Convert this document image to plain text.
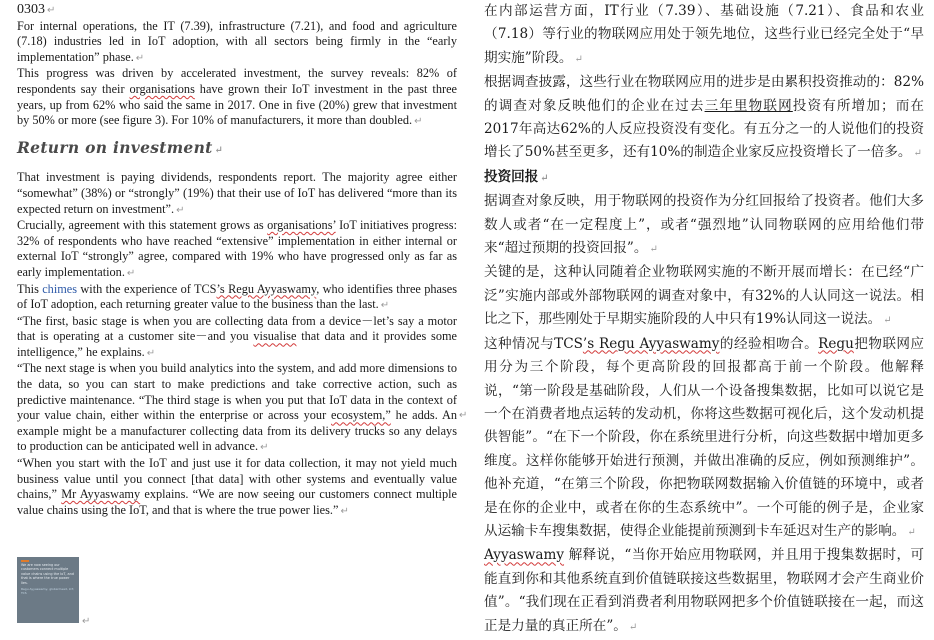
0303 ↵

For internal operations, the IT (7.39), infrastructure (7.21), and food and agriculture (7.18) industries led in IoT adoption, with all sectors being firmly in the “early implementation” phase. ↵

This progress was driven by accelerated investment, the survey reveals: 82% of respondents say their organisations have grown their IoT investment in the past three years, up from 62% who said the same in 2017. One in five (20%) grew that investment by 50% or more (see figure 3). For 10% of manufacturers, it more than doubled. ↵

Return on investment ↵

That investment is paying dividends, respondents report. The majority agree either “somewhat” (38%) or “strongly” (19%) that their use of IoT has delivered “more than its expected return on investment”. ↵

Crucially, agreement with this statement grows as organisations’ IoT initiatives progress: 32% of respondents who have reached “extensive” implementation in either internal or external IoT “strongly” agree, compared with 19% who have progressed only as far as early implementation. ↵

This chimes with the experience of TCS’s Regu Ayyaswamy, who identifies three phases of IoT adoption, each returning greater value to the business than the last. ↵

“The first, basic stage is when you are collecting data from a device－let’s say a motor that is operating at a customer site－and you visualise that data and it provides some intelligence,” he explains. ↵

“The next stage is when you build analytics into the system, and add more dimensions to the data, so you can start to make predictions and take corrective action, such as predictive maintenance. “The third stage is when you put that IoT data in the context of your value chain, either within the enterprise or across your ecosystem,” he adds. An example might be a manufacturer collecting data from its delivery trucks so any delays to production can be anticipated well in advance. ↵

“When you start with the IoT and just use it for data collection, it may not yield much business value until you connect [that data] with other systems and eventually value chains,” Mr Ayyaswamy explains. “We are now seeing our customers connect multiple value chains using the IoT, and that is where the true power lies.” ↵

↵
We are now seeing our customers connect multiple value chains using the IoT, and that is where the true power lies.
Regu Ayyaswamy, global head, IoT, TCS
↵

在内部运营方面，IT行业（7.39）、基础设施（7.21）、食品和农业（7.18）等行业的物联网应用处于领先地位，这些行业已经完全处于“早期实施”阶段。 ↵

根据调查披露，这些行业在物联网应用的进步是由累积投资推动的：82%的调查对象反映他们的企业在过去三年里物联网投资有所增加；而在2017年高达62%的人反应投资没有变化。有五分之一的人说他们的投资增长了50%甚至更多，还有10%的制造企业家反应投资增长了一倍多。 ↵

投资回报 ↵

据调查对象反映，用于物联网的投资作为分红回报给了投资者。他们大多数人或者“在一定程度上”，或者“强烈地”认同物联网的应用给他们带来“超过预期的投资回报”。 ↵

关键的是，这种认同随着企业物联网实施的不断开展而增长：在已经“广泛”实施内部或外部物联网的调查对象中，有32%的人认同这一说法。相比之下，那些刚处于早期实施阶段的人中只有19%认同这一说法。 ↵

这种情况与TCS’s Regu Ayyaswamy的经验相吻合。Regu把物联网应用分为三个阶段，每个更高阶段的回报都高于前一个阶段。他解释说，“第一阶段是基础阶段，人们从一个设备搜集数据，比如可以说它是一个在消费者地点运转的发动机，你将这些数据可视化后，这个发动机提供智能”。“在下一个阶段，你在系统里进行分析，向这些数据中增加更多维度。这样你能够开始进行预测，并做出准确的反应，例如预测维护”。他补充道，“在第三个阶段，你把物联网数据输入价值链的环境中，或者是在你的企业中，或者在你的生态系统中”。一个可能的例子是，企业家从运输卡车搜集数据，使得企业能提前预测到卡车延迟对生产的影响。 ↵

Ayyaswamy 解释说，“当你开始应用物联网，并且用于搜集数据时，可能直到你和其他系统直到价值链联接这些数据里，物联网才会产生商业价值”。“我们现在正看到消费者利用物联网把多个价值链联接在一起，而这正是力量的真正所在”。 ↵
